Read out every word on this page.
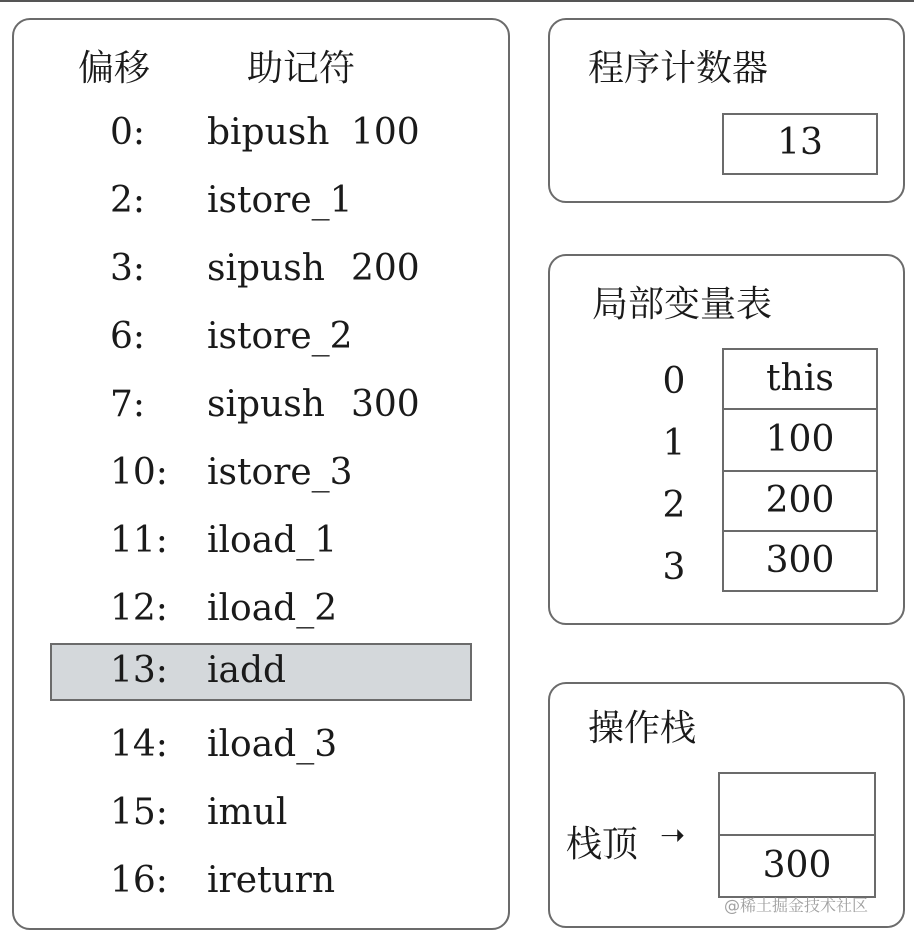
偏移	助记符
0: bipush 100
2: istore_1
3: sipush 200
6: istore_2
7: sipush 300
10: istore_3
11: iload_1
12: iload_2
13: iadd
14: iload_3
15: imul
16: ireturn
程序计数器
13
局部变量表
0
1
2
3
this
100
200
300
操作栈
300
栈顶 ➝
@稀土掘金技术社区
